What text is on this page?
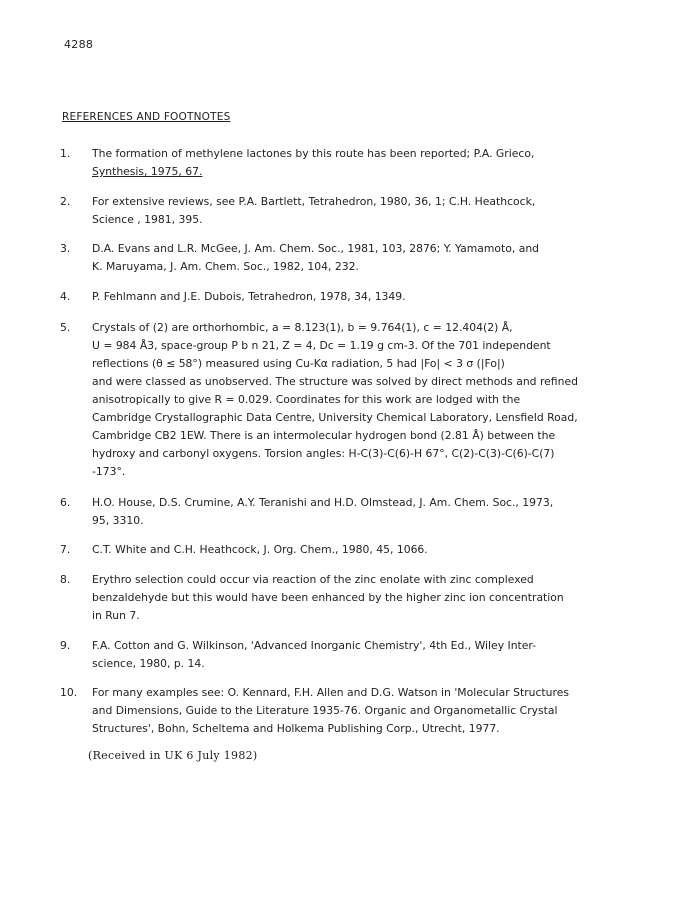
4288
REFERENCES AND FOOTNOTES
1.	The formation of methylene lactones by this route has been reported; P.A. Grieco,
Synthesis, 1975, 67.
2.	For extensive reviews, see P.A. Bartlett, Tetrahedron, 1980, 36, 1; C.H. Heathcock,
Science , 1981, 395.
3.	D.A. Evans and L.R. McGee, J. Am. Chem. Soc., 1981, 103, 2876; Y. Yamamoto, and
K. Maruyama, J. Am. Chem. Soc., 1982, 104, 232.
4.	P. Fehlmann and J.E. Dubois, Tetrahedron, 1978, 34, 1349.
5.	Crystals of (2) are orthorhombic, a = 8.123(1), b = 9.764(1), c = 12.404(2) Å,
U = 984 Å3, space-group P b n 21, Z = 4, Dc = 1.19 g cm-3. Of the 701 independent
reflections (θ ≤ 58°) measured using Cu-Kα radiation, 5 had |Fo| < 3 σ (|Fo|)
and were classed as unobserved. The structure was solved by direct methods and refined
anisotropically to give R = 0.029. Coordinates for this work are lodged with the
Cambridge Crystallographic Data Centre, University Chemical Laboratory, Lensfield Road,
Cambridge CB2 1EW. There is an intermolecular hydrogen bond (2.81 Å) between the
hydroxy and carbonyl oxygens. Torsion angles: H-C(3)-C(6)-H 67°, C(2)-C(3)-C(6)-C(7)
-173°.
6.	H.O. House, D.S. Crumine, A.Y. Teranishi and H.D. Olmstead, J. Am. Chem. Soc., 1973,
95, 3310.
7.	C.T. White and C.H. Heathcock, J. Org. Chem., 1980, 45, 1066.
8.	Erythro selection could occur via reaction of the zinc enolate with zinc complexed
benzaldehyde but this would have been enhanced by the higher zinc ion concentration
in Run 7.
9.	F.A. Cotton and G. Wilkinson, 'Advanced Inorganic Chemistry', 4th Ed., Wiley Inter-
science, 1980, p. 14.
10.	For many examples see: O. Kennard, F.H. Allen and D.G. Watson in 'Molecular Structures
and Dimensions, Guide to the Literature 1935-76. Organic and Organometallic Crystal
Structures', Bohn, Scheltema and Holkema Publishing Corp., Utrecht, 1977.
(Received in UK 6 July 1982)
